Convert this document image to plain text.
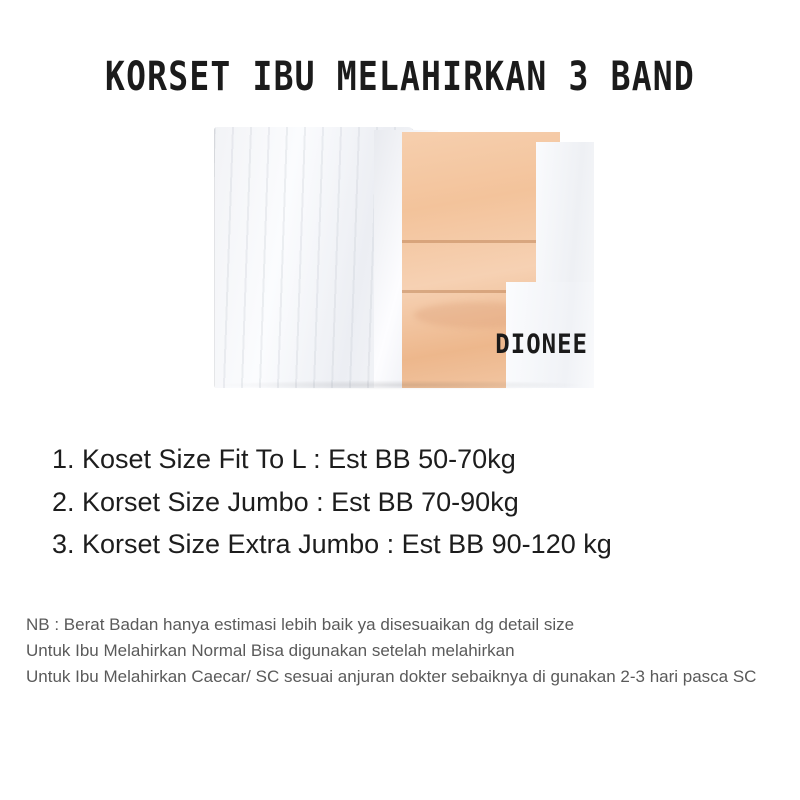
KORSET IBU MELAHIRKAN 3 BAND
DIONEE
1. Koset Size Fit To L : Est BB 50-70kg
2. Korset Size Jumbo : Est BB 70-90kg
3. Korset Size Extra Jumbo : Est BB 90-120 kg
NB : Berat Badan hanya estimasi lebih baik ya disesuaikan dg detail size
Untuk Ibu Melahirkan Normal Bisa digunakan setelah melahirkan
Untuk Ibu Melahirkan Caecar/ SC sesuai anjuran dokter sebaiknya di gunakan 2-3 hari pasca SC
